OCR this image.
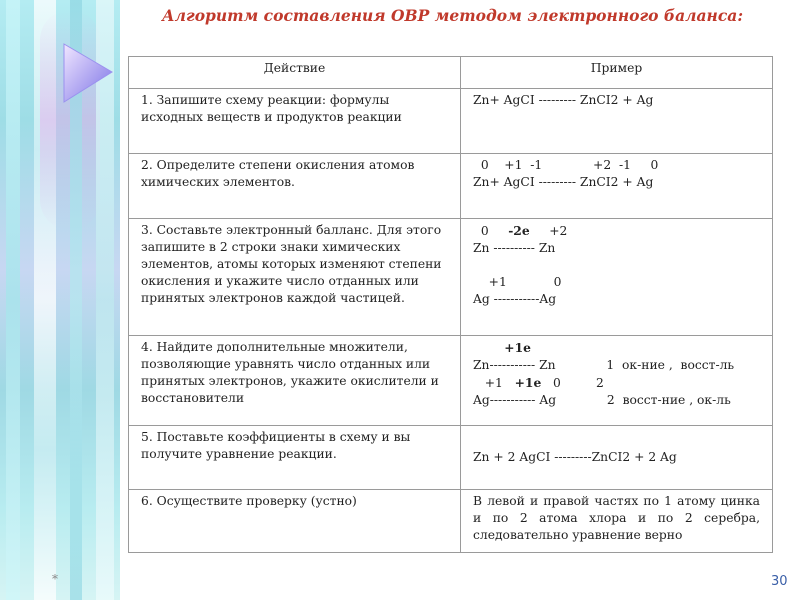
Алгоритм составления ОВР методом электронного баланса:
Действие	Пример
1. Запишите схему реакции: формулы исходных веществ и продуктов реакции	Zn+ AgCI --------- ZnCI2 + Ag
2. Определите степени окисления атомов химических элементов.	0    +1  -1             +2  -1     0
Zn+ AgCI --------- ZnCI2 + Ag
3. Составьте электронный балланс. Для этого запишите в 2 строки знаки химических элементов, атомы которых изменяют степени окисления и укажите число отданных или принятых электронов каждой частицей.	0     -2e     +2
Zn ---------- Zn

+1            0
Ag -----------Ag
4. Найдите дополнительные множители, позволяющие уравнять число отданных или принятых электронов, укажите окислители и восстановители	+1e
Zn----------- Zn             1  ок-ние ,  восст-ль
+1   +1e   0         2
Ag----------- Ag             2  восст-ние , ок-ль
5. Поставьте коэффициенты в схему и вы получите уравнение реакции.	Zn + 2 AgCI ---------ZnCI2 + 2 Ag
6. Осуществите проверку (устно)	В левой и правой частях по 1 атому цинка и по 2 атома хлора и по 2 серебра, следовательно уравнение верно
*	30
